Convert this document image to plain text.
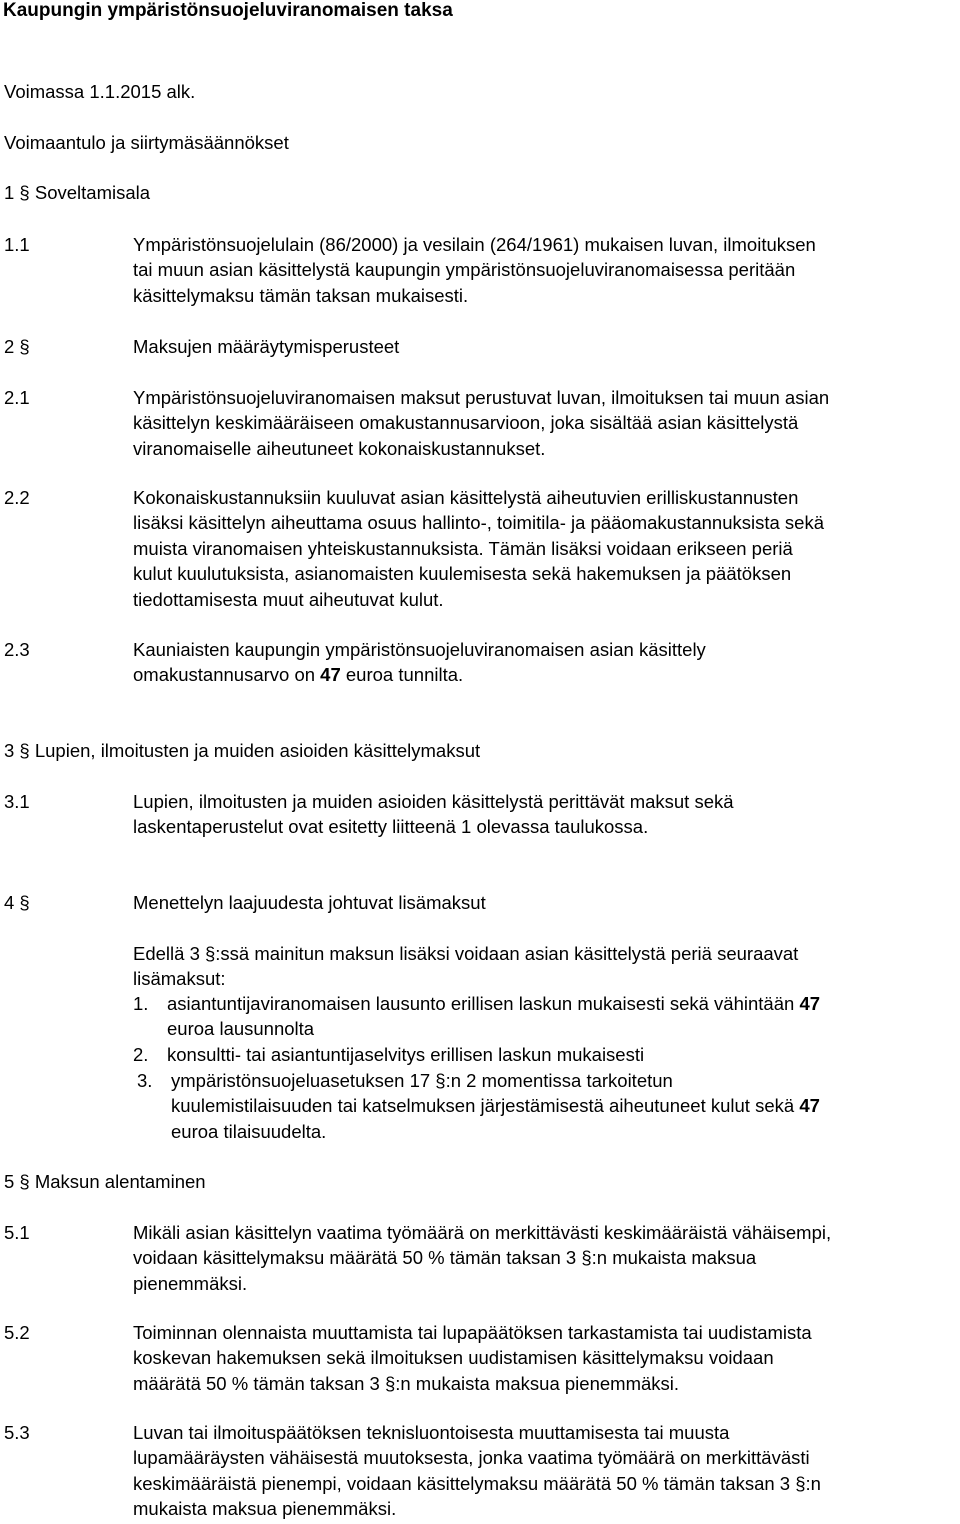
Kaupungin ympäristönsuojeluviranomaisen taksa
Voimassa 1.1.2015 alk.
Voimaantulo ja siirtymäsäännökset
1 § Soveltamisala
1.1	Ympäristönsuojelulain (86/2000) ja vesilain (264/1961) mukaisen luvan, ilmoituksen
tai muun asian käsittelystä kaupungin ympäristönsuojeluviranomaisessa peritään
käsittelymaksu tämän taksan mukaisesti.
2 §	Maksujen määräytymisperusteet
2.1	Ympäristönsuojeluviranomaisen maksut perustuvat luvan, ilmoituksen tai muun asian
käsittelyn keskimääräiseen omakustannusarvioon, joka sisältää asian käsittelystä
viranomaiselle aiheutuneet kokonaiskustannukset.
2.2	Kokonaiskustannuksiin kuuluvat asian käsittelystä aiheutuvien erilliskustannusten
lisäksi käsittelyn aiheuttama osuus hallinto-, toimitila- ja pääomakustannuksista sekä
muista viranomaisen yhteiskustannuksista. Tämän lisäksi voidaan erikseen periä
kulut kuulutuksista, asianomaisten kuulemisesta sekä hakemuksen ja päätöksen
tiedottamisesta muut aiheutuvat kulut.
2.3	Kauniaisten kaupungin ympäristönsuojeluviranomaisen asian käsittely
omakustannusarvo on 47 euroa tunnilta.
3 § Lupien, ilmoitusten ja muiden asioiden käsittelymaksut
3.1	Lupien, ilmoitusten ja muiden asioiden käsittelystä perittävät maksut sekä
laskentaperustelut ovat esitetty liitteenä 1 olevassa taulukossa.
4 §	Menettelyn laajuudesta johtuvat lisämaksut
Edellä 3 §:ssä mainitun maksun lisäksi voidaan asian käsittelystä periä seuraavat
lisämaksut:
1. asiantuntijaviranomaisen lausunto erillisen laskun mukaisesti sekä vähintään 47
euroa lausunnolta
2. konsultti- tai asiantuntijaselvitys erillisen laskun mukaisesti
3. ympäristönsuojeluasetuksen 17 §:n 2 momentissa tarkoitetun
kuulemistilaisuuden tai katselmuksen järjestämisestä aiheutuneet kulut sekä 47
euroa tilaisuudelta.
5 § Maksun alentaminen
5.1	Mikäli asian käsittelyn vaatima työmäärä on merkittävästi keskimääräistä vähäisempi,
voidaan käsittelymaksu määrätä 50 % tämän taksan 3 §:n mukaista maksua
pienemmäksi.
5.2	Toiminnan olennaista muuttamista tai lupapäätöksen tarkastamista tai uudistamista
koskevan hakemuksen sekä ilmoituksen uudistamisen käsittelymaksu voidaan
määrätä 50 % tämän taksan 3 §:n mukaista maksua pienemmäksi.
5.3	Luvan tai ilmoituspäätöksen teknisluontoisesta muuttamisesta tai muusta
lupamääräysten vähäisestä muutoksesta, jonka vaatima työmäärä on merkittävästi
keskimääräistä pienempi, voidaan käsittelymaksu määrätä 50 % tämän taksan 3 §:n
mukaista maksua pienemmäksi.
